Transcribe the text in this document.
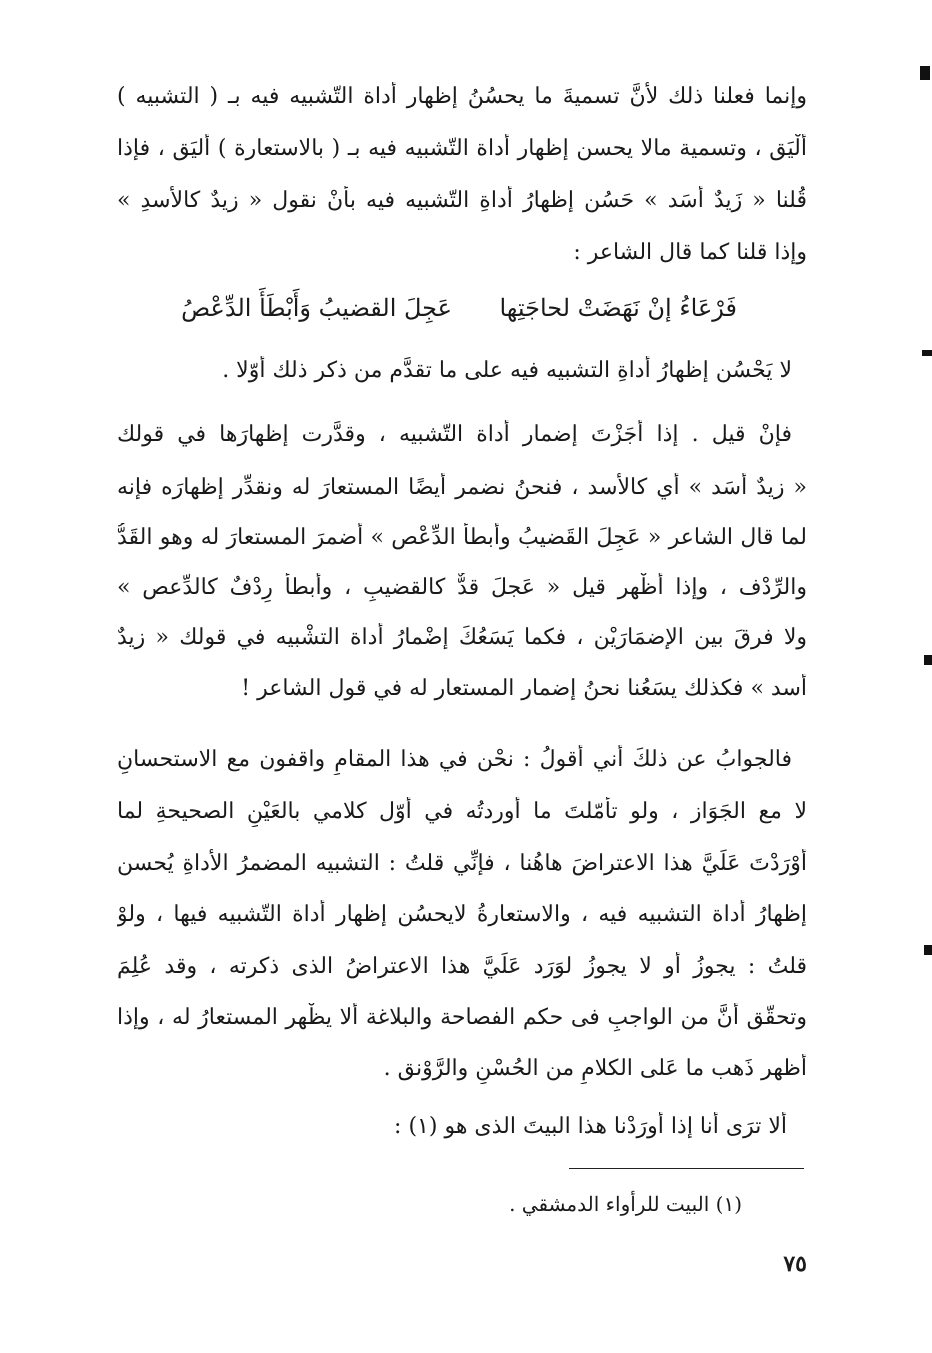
وإنما فعلنا ذلك لأنَّ تسميةَ ما يحسُنُ إظهار أداة التّشبيه فيه بـ ( التشبيه )
ألْيَق ، وتسمية مالا يحسن إظهار أداة التّشبيه فيه بـ ( بالاستعارة ) أليَق ، فإذا
قُلنا « زَيدٌ أسَد » حَسُن إظهارُ أداةِ التّشبيه فيه بأنْ نقول « زيدٌ كالأسدِ »
وإذا قلنا كما قال الشاعر :
فَرْعَاءُ إنْ نَهَضَتْ لحاجَتِها
عَجِلَ القضيبُ وَأَبْطَأَ الدِّعْصُ
لا يَحْسُن إظهارُ أداةِ التشبيه فيه على ما تقدَّم من ذكر ذلك أوّلا .
فإنْ قيل . إذا أجَزْتَ إضمار أداة التّشبيه ، وقدَّرت إظهارَها في قولك
« زيدٌ أسَد » أي كالأسد ، فنحنُ نضمر أيضًا المستعارَ له ونقدِّر إظهارَه فإنه
لما قال الشاعر « عَجِلَ القَضيبُ وأبطأ الدِّعْص » أضمرَ المستعارَ له وهو القَدُّ
والرِّدْف ، وإذا أظْهر قيل « عَجلَ قدٌّ كالقضيبِ ، وأبطأ رِدْفٌ كالدِّعص »
ولا فرقَ بين الإضمَارَيْن ، فكما يَسَعُكَ إضْمارُ أداة التشْبيه في قولك « زيدٌ
أسد » فكذلك يسَعُنا نحنُ إضمار المستعار له في قول الشاعر !
فالجوابُ عن ذلكَ أني أقولُ : نحْن في هذا المقامِ واقفون مع الاستحسانِ
لا مع الجَوَاز ، ولو تأمّلتَ ما أوردتُه في أوّل كلامي بالعَيْنِ الصحيحةِ لما
أوْرَدْتَ عَلَيَّ هذا الاعتراضَ هاهُنا ، فإنِّي قلتُ : التشبيه المضمرُ الأداةِ يُحسن
إظهارُ أداة التشبيه فيه ، والاستعارةُ لايحسُن إظهار أداة التّشبيه فيها ، ولوْ
قلتُ : يجوزُ أو لا يجوزُ لوَرَد عَلَيَّ هذا الاعتراضُ الذى ذكرته ، وقد عُلِمَ
وتحقّق أنَّ من الواجبِ فى حكم الفصاحة والبلاغة ألا يظْهر المستعارُ له ، وإذا
أظهر ذَهب ما عَلى الكلامِ من الحُسْنِ والرَّوْنق .
ألا ترَى أنا إذا أورَدْنا هذا البيتَ الذى هو (١) :
(١) البيت للرأواء الدمشقي .
٧٥
